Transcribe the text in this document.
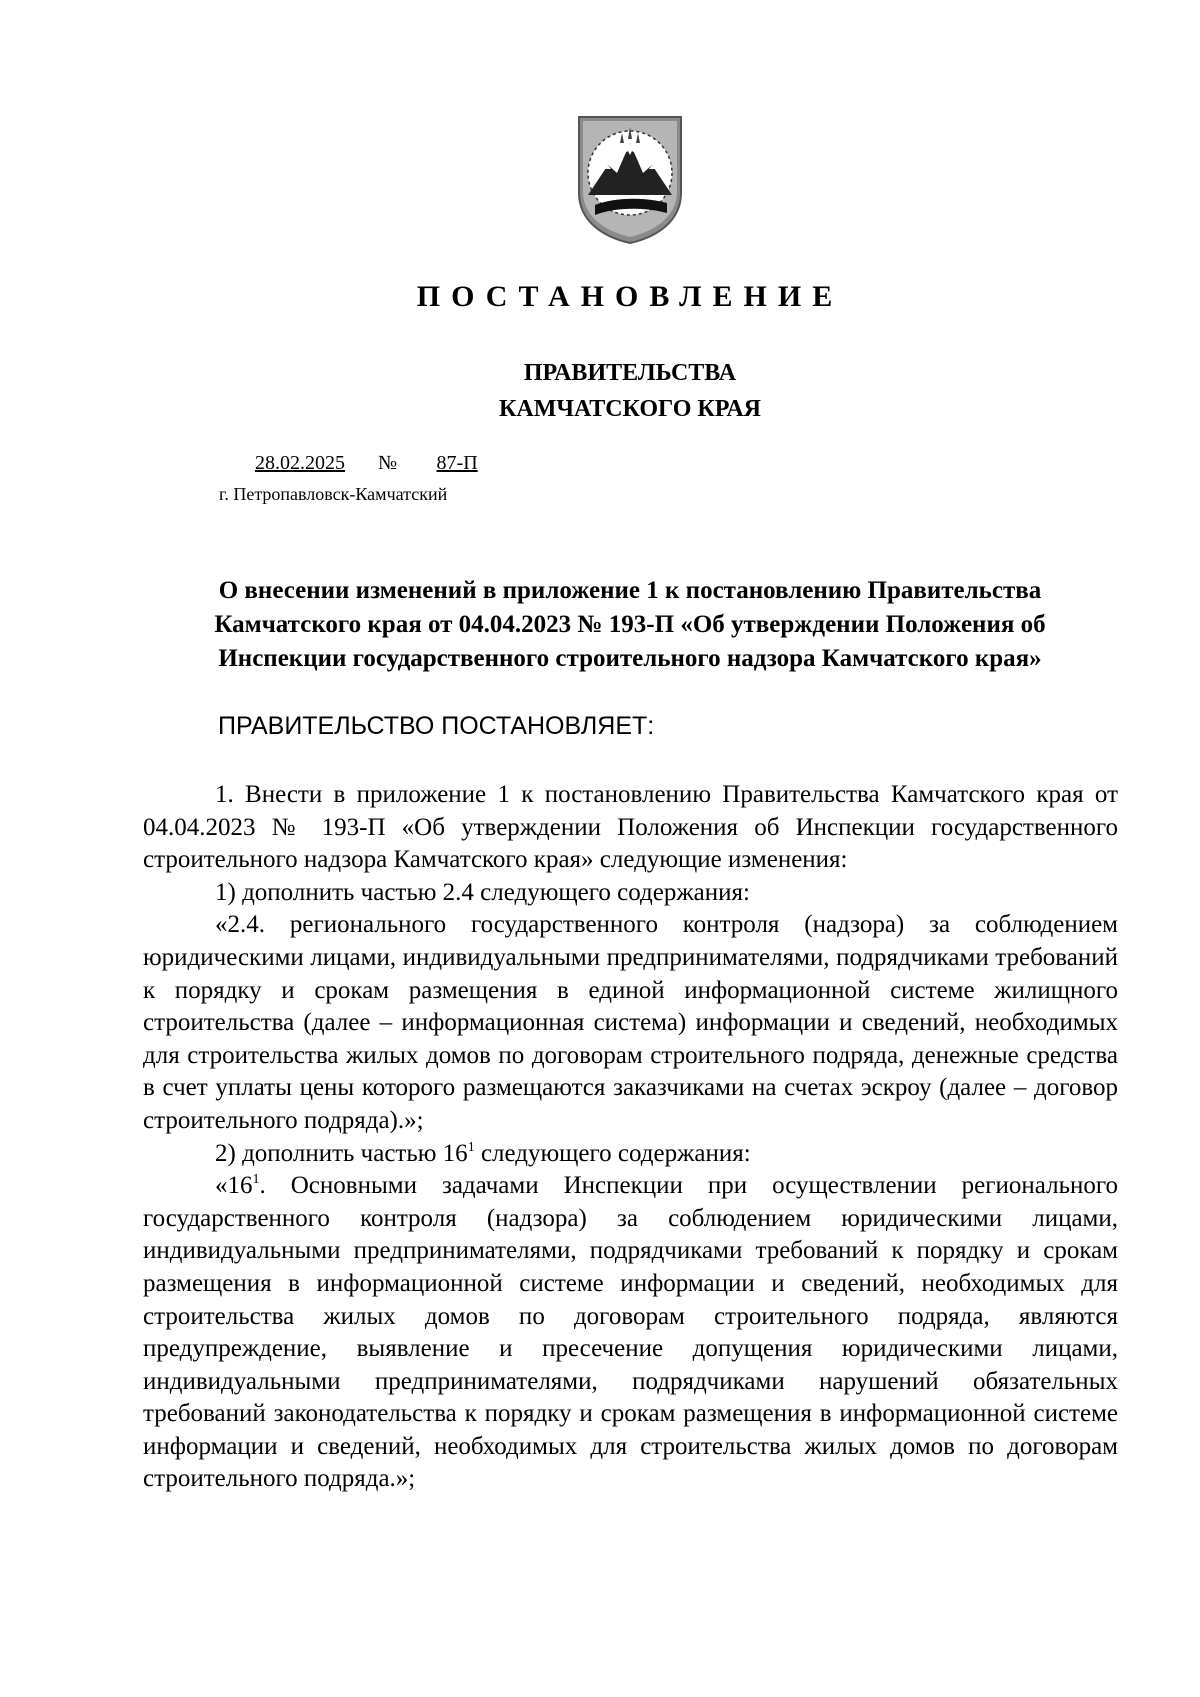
ПОСТАНОВЛЕНИЕ
ПРАВИТЕЛЬСТВА
КАМЧАТСКОГО КРАЯ
28.02.2025 № 87-П
г. Петропавловск-Камчатский
О внесении изменений в приложение 1 к постановлению Правительства
Камчатского края от 04.04.2023 № 193-П «Об утверждении Положения об
Инспекции государственного строительного надзора Камчатского края»
ПРАВИТЕЛЬСТВО ПОСТАНОВЛЯЕТ:

1. Внести в приложение 1 к постановлению Правительства Камчатского края от 04.04.2023 № 193-П «Об утверждении Положения об Инспекции государственного строительного надзора Камчатского края» следующие изменения:

1) дополнить частью 2.4 следующего содержания:

«2.4. регионального государственного контроля (надзора) за соблюдением юридическими лицами, индивидуальными предпринимателями, подрядчиками требований к порядку и срокам размещения в единой информационной системе жилищного строительства (далее – информационная система) информации и сведений, необходимых для строительства жилых домов по договорам строительного подряда, денежные средства в счет уплаты цены которого размещаются заказчиками на счетах эскроу (далее – договор строительного подряда).»;

2) дополнить частью $16^1$ следующего содержания:

«$16^1$. Основными задачами Инспекции при осуществлении регионального государственного контроля (надзора) за соблюдением юридическими лицами, индивидуальными предпринимателями, подрядчиками требований к порядку и срокам размещения в информационной системе информации и сведений, необходимых для строительства жилых домов по договорам строительного подряда, являются предупреждение, выявление и пресечение допущения юридическими лицами, индивидуальными предпринимателями, подрядчиками нарушений обязательных требований законодательства к порядку и срокам размещения в информационной системе информации и сведений, необходимых для строительства жилых домов по договорам строительного подряда.»;
